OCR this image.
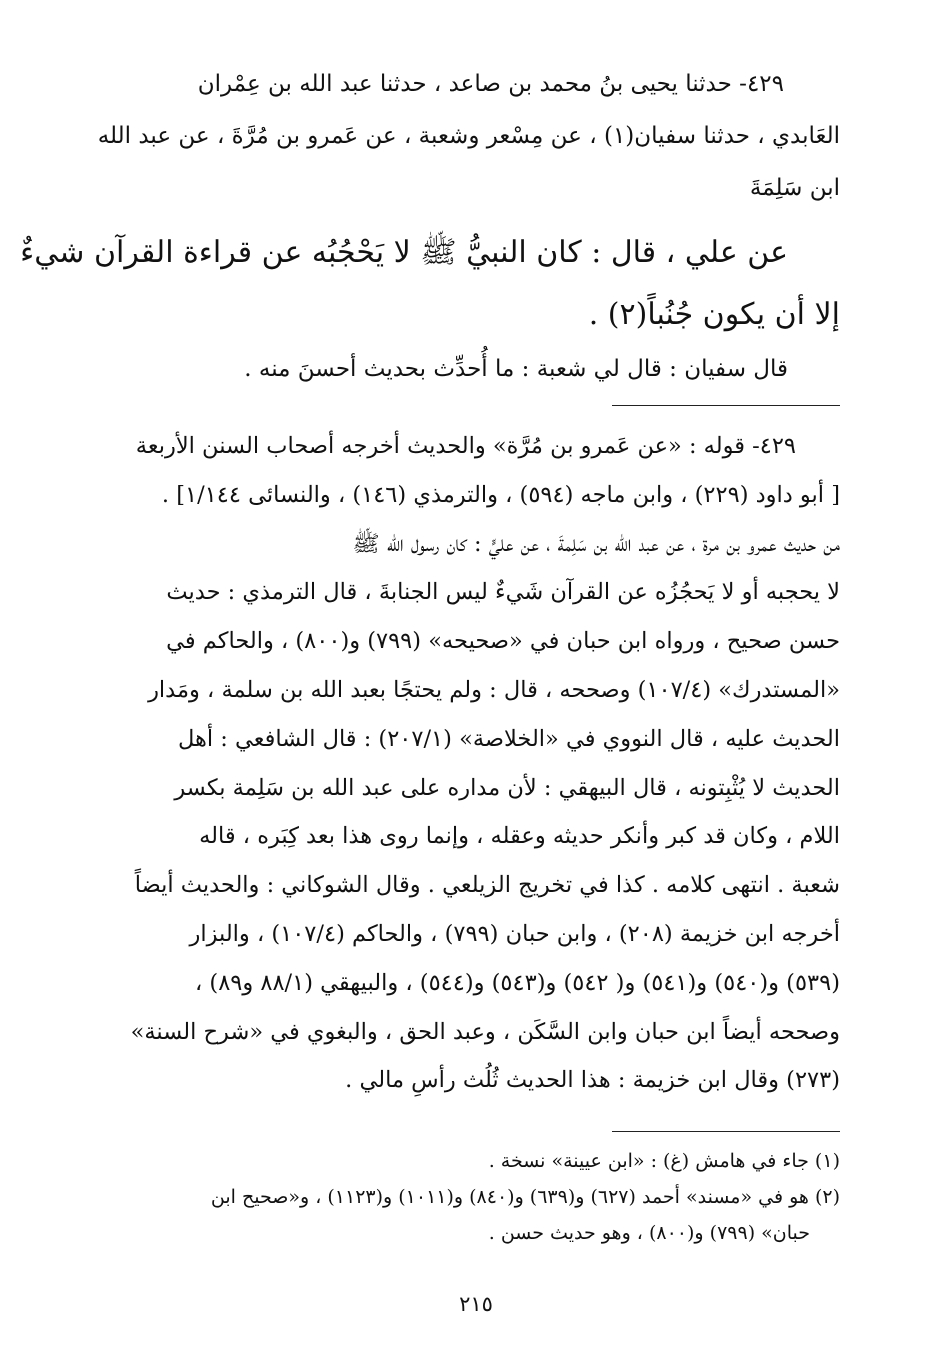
٤٢٩- حدثنا يحيى بنُ محمد بن صاعد ، حدثنا عبد الله بن عِمْران
العَابدي ، حدثنا سفيان(١) ، عن مِسْعر وشعبة ، عن عَمرو بن مُرَّةَ ، عن عبد الله
ابن سَلِمَةَ
عن علي ، قال : كان النبيُّ ﷺ لا يَحْجُبُه عن قراءة القرآن شيءٌ
إلا أن يكون جُنُباً(٢) .
قال سفيان : قال لي شعبة : ما أُحدِّث بحديث أحسنَ منه .
٤٢٩- قوله : «عن عَمرو بن مُرَّة» والحديث أخرجه أصحاب السنن الأربعة
[ أبو داود (٢٢٩) ، وابن ماجه (٥٩٤) ، والترمذي (١٤٦) ، والنسائى ١/١٤٤] .
من حديث عمرو بن مرة ، عن عبد الله بن سَلِمةَ ، عن عليٍّ : كان رسول الله ﷺ
لا يحجبه أو لا يَحجُزُه عن القرآن شَيءٌ ليس الجنابةَ ، قال الترمذي : حديث
حسن صحيح ، ورواه ابن حبان في «صحيحه» (٧٩٩) و(٨٠٠) ، والحاكم في
«المستدرك» (١٠٧/٤) وصححه ، قال : ولم يحتجًا بعبد الله بن سلمة ، ومَدار
الحديث عليه ، قال النووي في «الخلاصة» (٢٠٧/١) : قال الشافعي : أهل
الحديث لا يُثْبِتونه ، قال البيهقي : لأن مداره على عبد الله بن سَلِمة بكسر
اللام ، وكان قد كبر وأنكر حديثه وعقله ، وإنما روى هذا بعد كِبَره ، قاله
شعبة . انتهى كلامه . كذا في تخريج الزيلعي . وقال الشوكاني : والحديث أيضاً
أخرجه ابن خزيمة (٢٠٨) ، وابن حبان (٧٩٩) ، والحاكم (١٠٧/٤) ، والبزار
(٥٣٩) و(٥٤٠) و(٥٤١) و( ٥٤٢) و(٥٤٣) و(٥٤٤) ، والبيهقي (٨٨/١ و٨٩) ،
وصححه أيضاً ابن حبان وابن السَّكَن ، وعبد الحق ، والبغوي في «شرح السنة»
(٢٧٣) وقال ابن خزيمة : هذا الحديث ثُلُث رأسِ مالي .
(١) جاء في هامش (غ) : «ابن عيينة» نسخة .
(٢) هو في «مسند» أحمد (٦٢٧) و(٦٣٩) و(٨٤٠) و(١٠١١) و(١١٢٣) ، و«صحيح ابن
حبان» (٧٩٩) و(٨٠٠) ، وهو حديث حسن .
٢١٥
